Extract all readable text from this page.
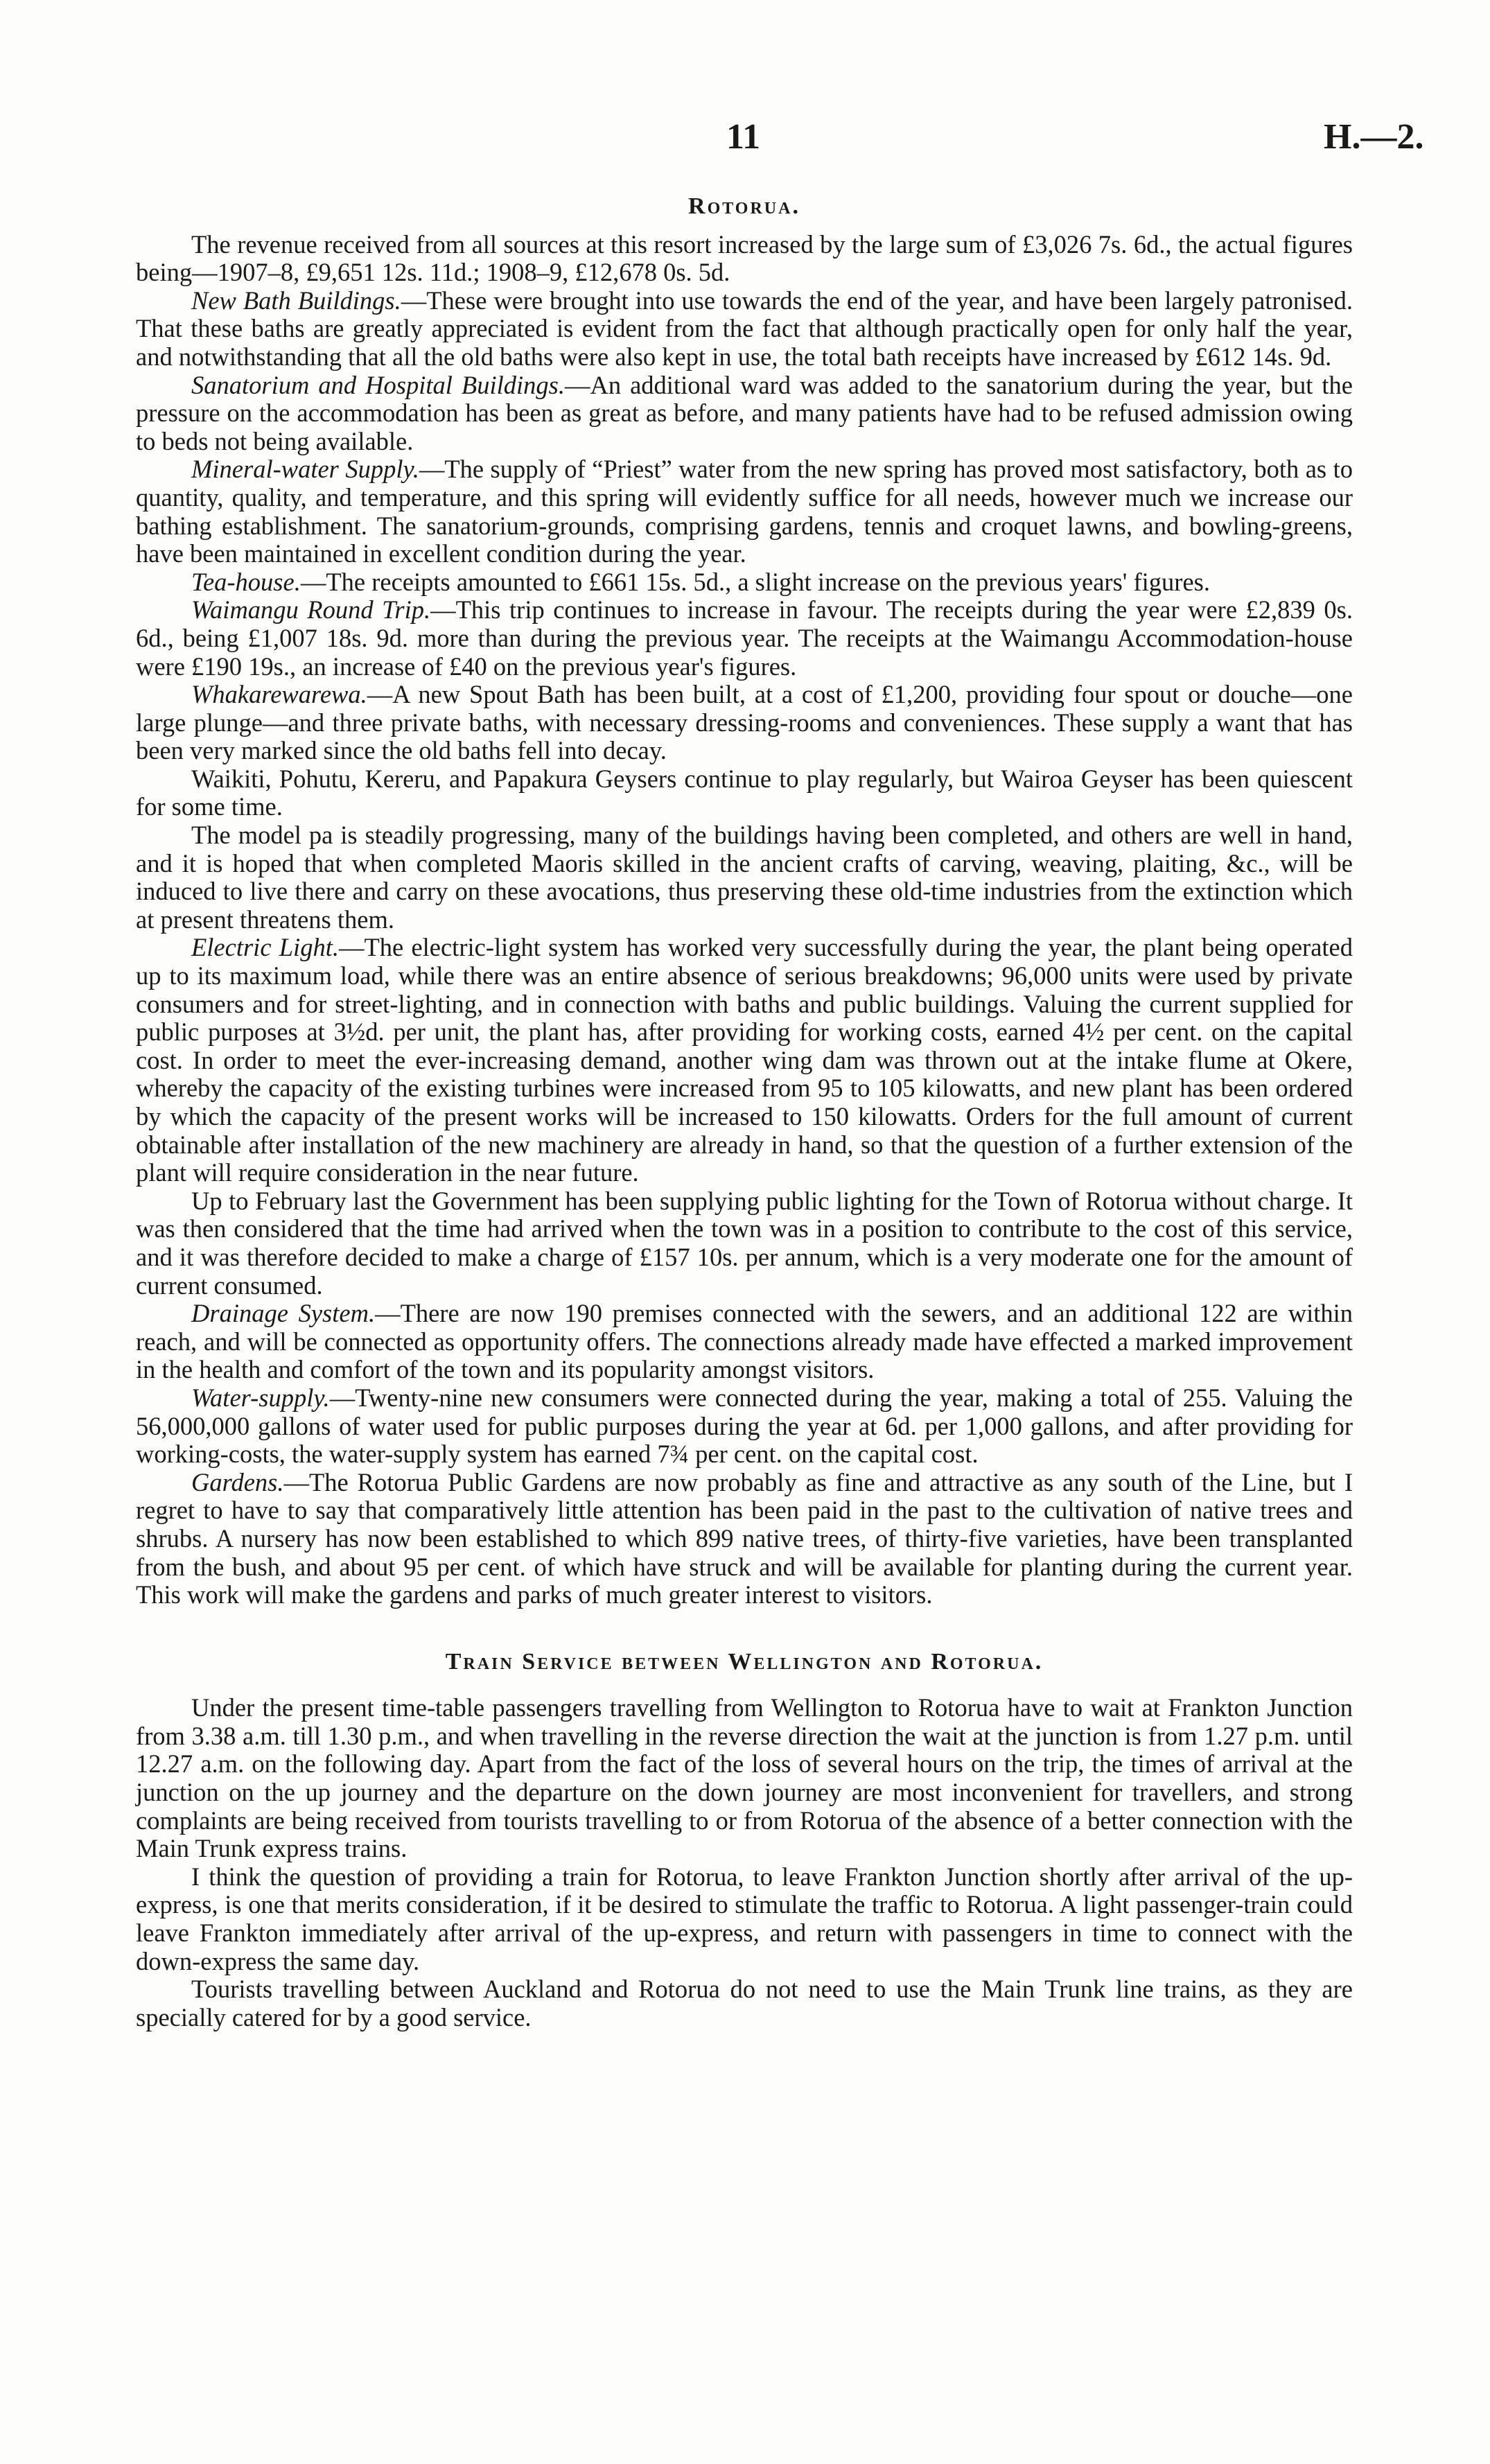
11	H.—2.
Rotorua.

The revenue received from all sources at this resort increased by the large sum of £3,026 7s. 6d., the actual figures being—1907–8, £9,651 12s. 11d.; 1908–9, £12,678 0s. 5d.

New Bath Buildings.—These were brought into use towards the end of the year, and have been largely patronised. That these baths are greatly appreciated is evident from the fact that although practically open for only half the year, and notwithstanding that all the old baths were also kept in use, the total bath receipts have increased by £612 14s. 9d.

Sanatorium and Hospital Buildings.—An additional ward was added to the sanatorium during the year, but the pressure on the accommodation has been as great as before, and many patients have had to be refused admission owing to beds not being available.

Mineral-water Supply.—The supply of “Priest” water from the new spring has proved most satisfactory, both as to quantity, quality, and temperature, and this spring will evidently suffice for all needs, however much we increase our bathing establishment. The sanatorium-grounds, comprising gardens, tennis and croquet lawns, and bowling-greens, have been maintained in excellent condition during the year.

Tea-house.—The receipts amounted to £661 15s. 5d., a slight increase on the previous years' figures.

Waimangu Round Trip.—This trip continues to increase in favour. The receipts during the year were £2,839 0s. 6d., being £1,007 18s. 9d. more than during the previous year. The receipts at the Waimangu Accommodation-house were £190 19s., an increase of £40 on the previous year's figures.

Whakarewarewa.—A new Spout Bath has been built, at a cost of £1,200, providing four spout or douche—one large plunge—and three private baths, with necessary dressing-rooms and conveniences. These supply a want that has been very marked since the old baths fell into decay.

Waikiti, Pohutu, Kereru, and Papakura Geysers continue to play regularly, but Wairoa Geyser has been quiescent for some time.

The model pa is steadily progressing, many of the buildings having been completed, and others are well in hand, and it is hoped that when completed Maoris skilled in the ancient crafts of carving, weaving, plaiting, &c., will be induced to live there and carry on these avocations, thus preserving these old-time industries from the extinction which at present threatens them.

Electric Light.—The electric-light system has worked very successfully during the year, the plant being operated up to its maximum load, while there was an entire absence of serious breakdowns; 96,000 units were used by private consumers and for street-lighting, and in connection with baths and public buildings. Valuing the current supplied for public purposes at 3½d. per unit, the plant has, after providing for working costs, earned 4½ per cent. on the capital cost. In order to meet the ever-increasing demand, another wing dam was thrown out at the intake flume at Okere, whereby the capacity of the existing turbines were increased from 95 to 105 kilowatts, and new plant has been ordered by which the capacity of the present works will be increased to 150 kilowatts. Orders for the full amount of current obtainable after installation of the new machinery are already in hand, so that the question of a further extension of the plant will require consideration in the near future.

Up to February last the Government has been supplying public lighting for the Town of Rotorua without charge. It was then considered that the time had arrived when the town was in a position to contribute to the cost of this service, and it was therefore decided to make a charge of £157 10s. per annum, which is a very moderate one for the amount of current consumed.

Drainage System.—There are now 190 premises connected with the sewers, and an additional 122 are within reach, and will be connected as opportunity offers. The connections already made have effected a marked improvement in the health and comfort of the town and its popularity amongst visitors.

Water-supply.—Twenty-nine new consumers were connected during the year, making a total of 255. Valuing the 56,000,000 gallons of water used for public purposes during the year at 6d. per 1,000 gallons, and after providing for working-costs, the water-supply system has earned 7¾ per cent. on the capital cost.

Gardens.—The Rotorua Public Gardens are now probably as fine and attractive as any south of the Line, but I regret to have to say that comparatively little attention has been paid in the past to the cultivation of native trees and shrubs. A nursery has now been established to which 899 native trees, of thirty-five varieties, have been transplanted from the bush, and about 95 per cent. of which have struck and will be available for planting during the current year. This work will make the gardens and parks of much greater interest to visitors.

Train Service between Wellington and Rotorua.

Under the present time-table passengers travelling from Wellington to Rotorua have to wait at Frankton Junction from 3.38 a.m. till 1.30 p.m., and when travelling in the reverse direction the wait at the junction is from 1.27 p.m. until 12.27 a.m. on the following day. Apart from the fact of the loss of several hours on the trip, the times of arrival at the junction on the up journey and the departure on the down journey are most inconvenient for travellers, and strong complaints are being received from tourists travelling to or from Rotorua of the absence of a better connection with the Main Trunk express trains.

I think the question of providing a train for Rotorua, to leave Frankton Junction shortly after arrival of the up-express, is one that merits consideration, if it be desired to stimulate the traffic to Rotorua. A light passenger-train could leave Frankton immediately after arrival of the up-express, and return with passengers in time to connect with the down-express the same day.

Tourists travelling between Auckland and Rotorua do not need to use the Main Trunk line trains, as they are specially catered for by a good service.
